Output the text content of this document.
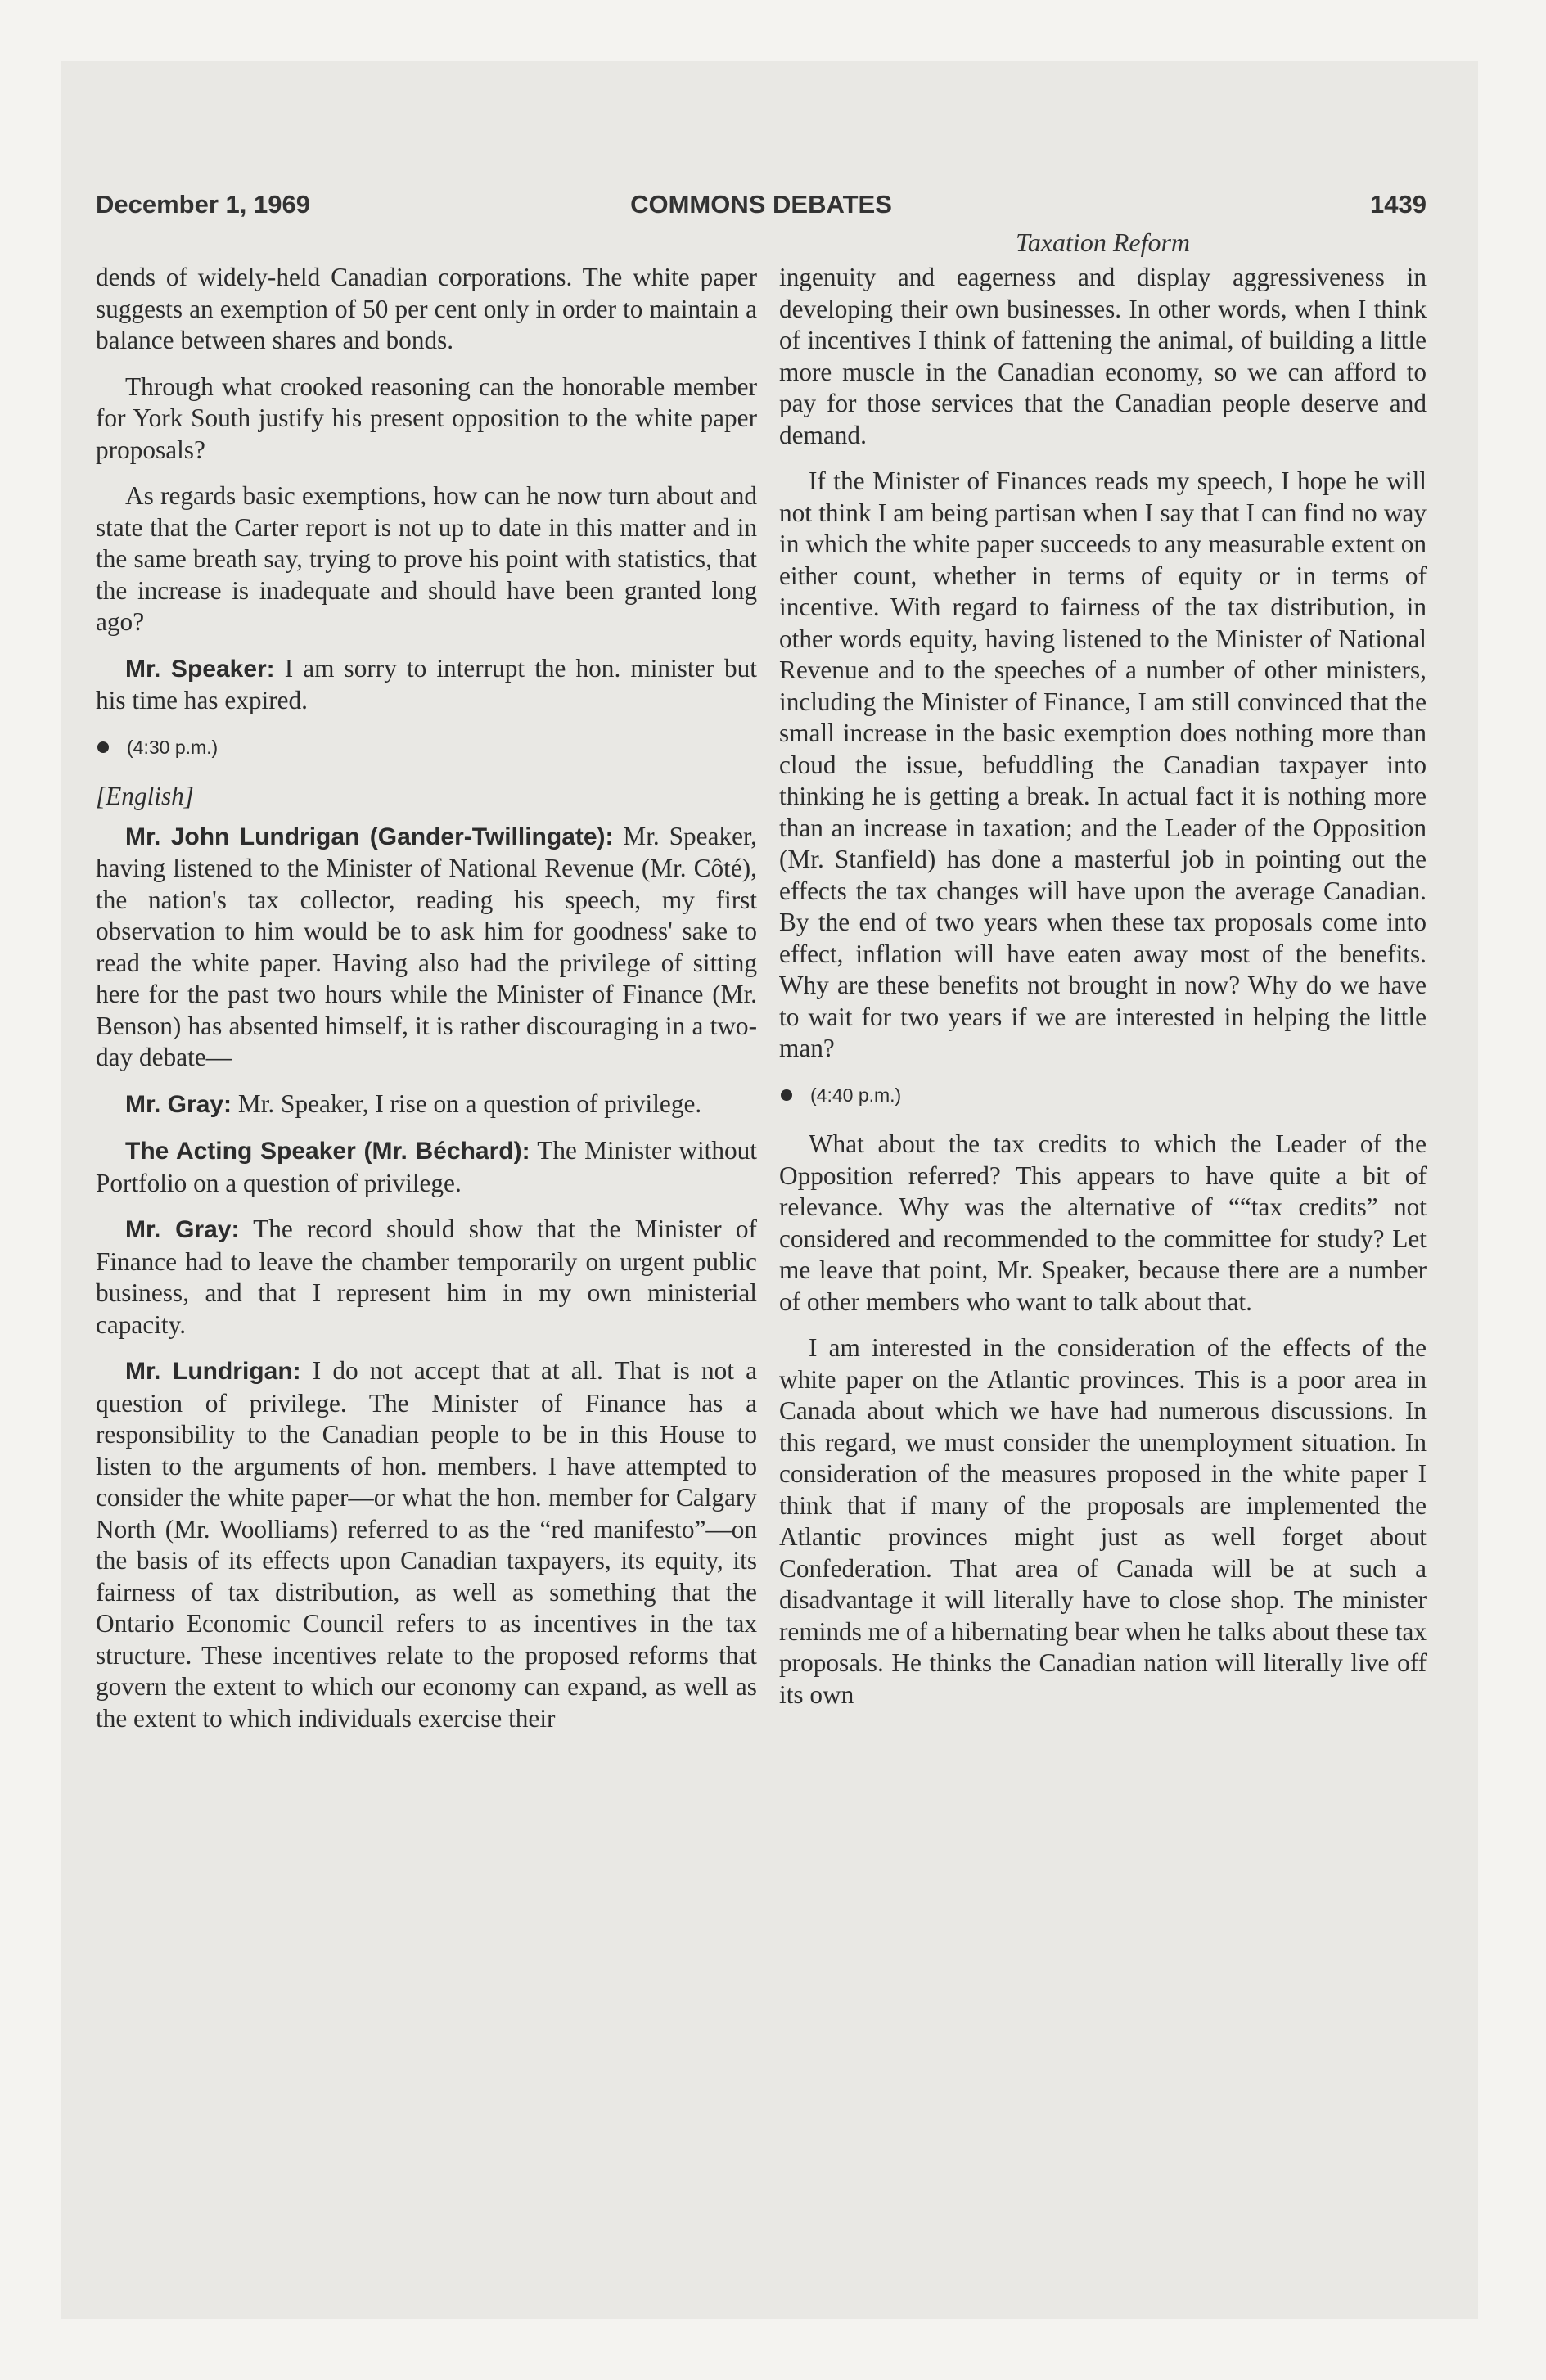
December 1, 1969	COMMONS DEBATES	1439
Taxation Reform

dends of widely-held Canadian corporations. The white paper suggests an exemption of 50 per cent only in order to maintain a balance between shares and bonds.

Through what crooked reasoning can the honorable member for York South justify his present opposition to the white paper proposals?

As regards basic exemptions, how can he now turn about and state that the Carter report is not up to date in this matter and in the same breath say, trying to prove his point with statistics, that the increase is inadequate and should have been granted long ago?

Mr. Speaker: I am sorry to interrupt the hon. minister but his time has expired.

(4:30 p.m.)

[English]

Mr. John Lundrigan (Gander-Twillingate): Mr. Speaker, having listened to the Minister of National Revenue (Mr. Côté), the nation's tax collector, reading his speech, my first observation to him would be to ask him for goodness' sake to read the white paper. Having also had the privilege of sitting here for the past two hours while the Minister of Finance (Mr. Benson) has absented himself, it is rather discouraging in a two-day debate—

Mr. Gray: Mr. Speaker, I rise on a question of privilege.

The Acting Speaker (Mr. Béchard): The Minister without Portfolio on a question of privilege.

Mr. Gray: The record should show that the Minister of Finance had to leave the chamber temporarily on urgent public business, and that I represent him in my own ministerial capacity.

Mr. Lundrigan: I do not accept that at all. That is not a question of privilege. The Minister of Finance has a responsibility to the Canadian people to be in this House to listen to the arguments of hon. members. I have attempted to consider the white paper—or what the hon. member for Calgary North (Mr. Woolliams) referred to as the “red manifesto”—on the basis of its effects upon Canadian taxpayers, its equity, its fairness of tax distribution, as well as something that the Ontario Economic Council refers to as incentives in the tax structure. These incentives relate to the proposed reforms that govern the extent to which our economy can expand, as well as the extent to which individuals exercise their

ingenuity and eagerness and display aggressiveness in developing their own businesses. In other words, when I think of incentives I think of fattening the animal, of building a little more muscle in the Canadian economy, so we can afford to pay for those services that the Canadian people deserve and demand.

If the Minister of Finances reads my speech, I hope he will not think I am being partisan when I say that I can find no way in which the white paper succeeds to any measurable extent on either count, whether in terms of equity or in terms of incentive. With regard to fairness of the tax distribution, in other words equity, having listened to the Minister of National Revenue and to the speeches of a number of other ministers, including the Minister of Finance, I am still convinced that the small increase in the basic exemption does nothing more than cloud the issue, befuddling the Canadian taxpayer into thinking he is getting a break. In actual fact it is nothing more than an increase in taxation; and the Leader of the Opposition (Mr. Stanfield) has done a masterful job in pointing out the effects the tax changes will have upon the average Canadian. By the end of two years when these tax proposals come into effect, inflation will have eaten away most of the benefits. Why are these benefits not brought in now? Why do we have to wait for two years if we are interested in helping the little man?

(4:40 p.m.)

What about the tax credits to which the Leader of the Opposition referred? This appears to have quite a bit of relevance. Why was the alternative of ““tax credits” not considered and recommended to the committee for study? Let me leave that point, Mr. Speaker, because there are a number of other members who want to talk about that.

I am interested in the consideration of the effects of the white paper on the Atlantic provinces. This is a poor area in Canada about which we have had numerous discussions. In this regard, we must consider the unemployment situation. In consideration of the measures proposed in the white paper I think that if many of the proposals are implemented the Atlantic provinces might just as well forget about Confederation. That area of Canada will be at such a disadvantage it will literally have to close shop. The minister reminds me of a hibernating bear when he talks about these tax proposals. He thinks the Canadian nation will literally live off its own
